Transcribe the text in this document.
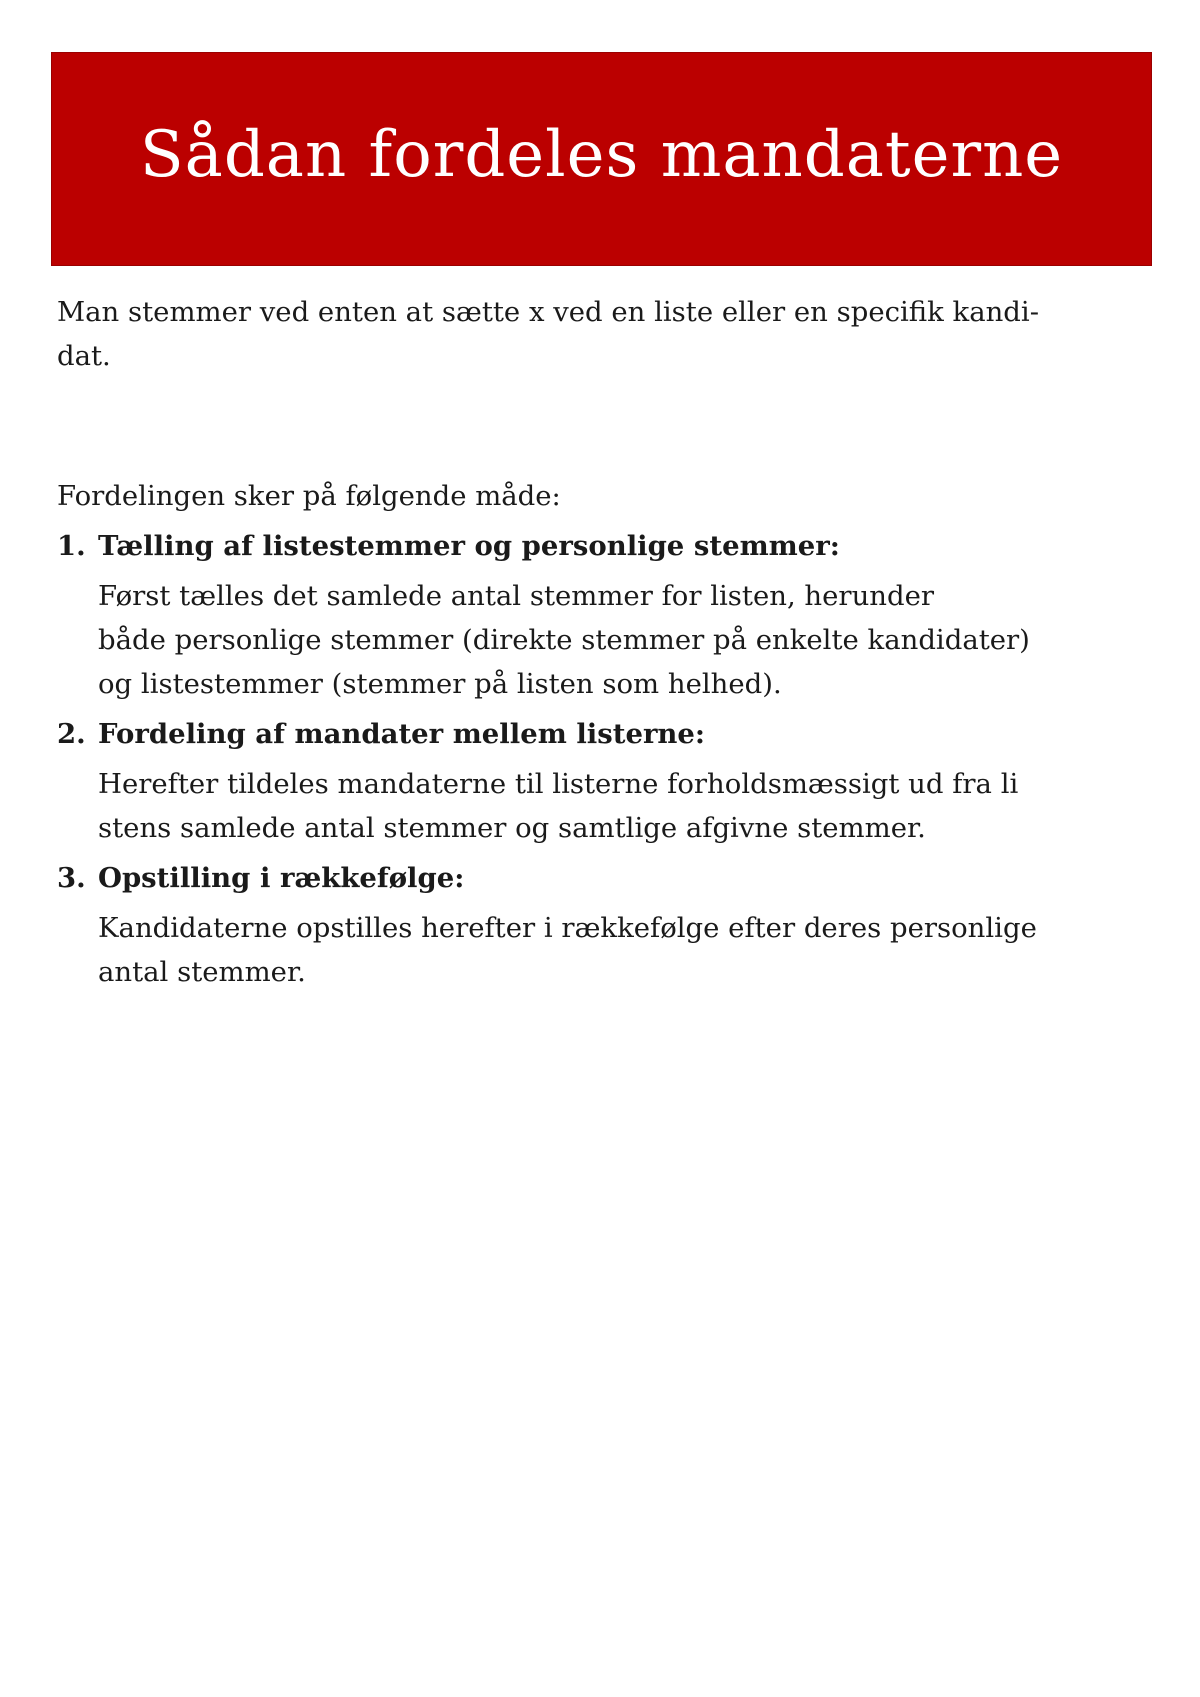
Sådan fordeles mandaterne

Man stemmer ved enten at sætte x ved en liste eller en specifik kandi-
dat.

Fordelingen sker på følgende måde:

1. Tælling af listestemmer og personlige stemmer:
Først tælles det samlede antal stemmer for listen, herunder
både personlige stemmer (direkte stemmer på enkelte kandidater)
og listestemmer (stemmer på listen som helhed).
2. Fordeling af mandater mellem listerne:
Herefter tildeles mandaterne til listerne forholdsmæssigt ud fra li
stens samlede antal stemmer og samtlige afgivne stemmer.
3. Opstilling i rækkefølge:
Kandidaterne opstilles herefter i rækkefølge efter deres personlige
antal stemmer.
